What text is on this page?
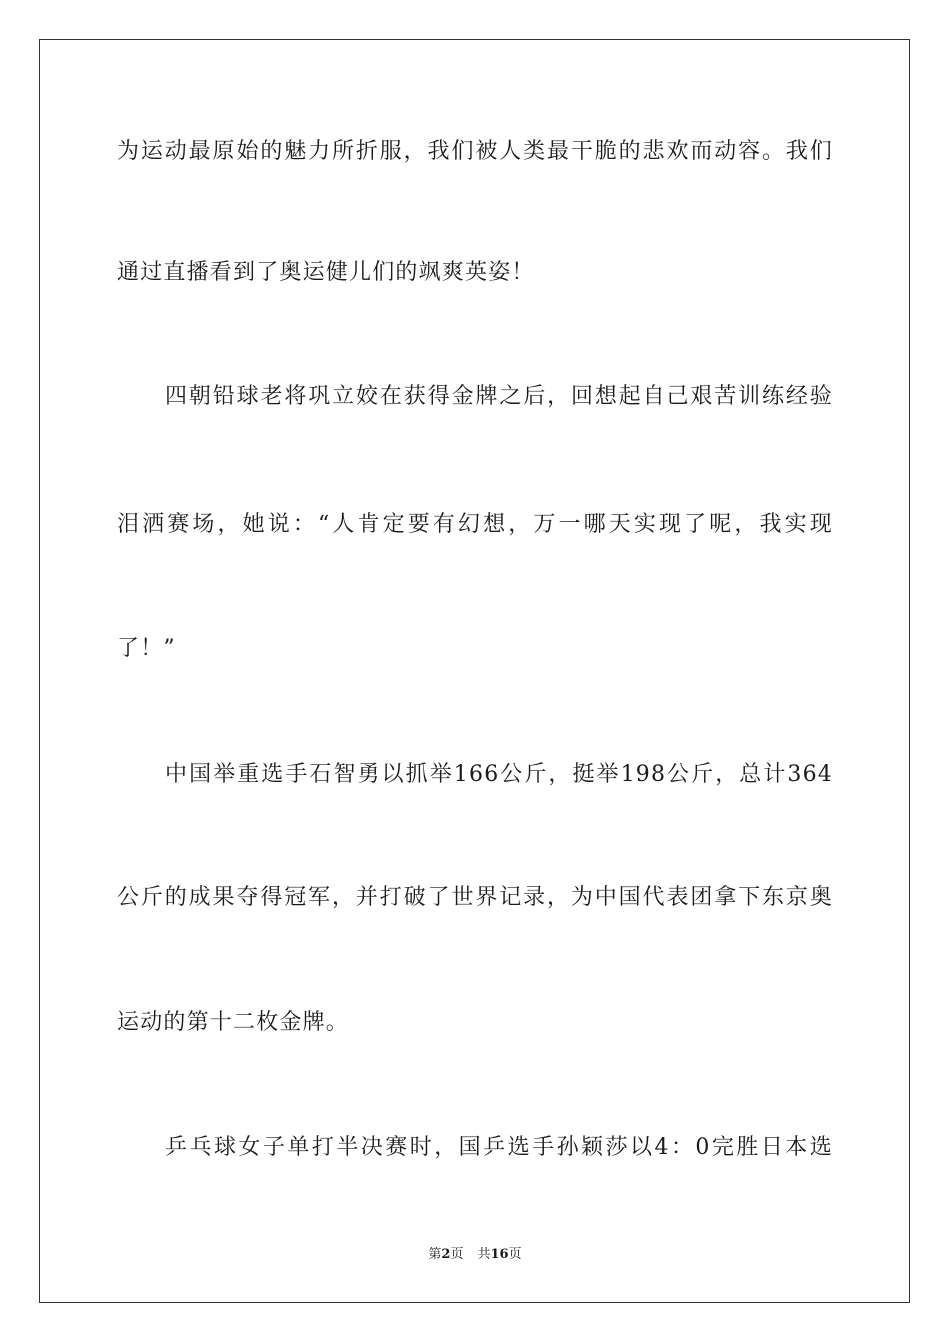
为运动最原始的魅力所折服，我们被人类最干脆的悲欢而动容。我们
通过直播看到了奥运健儿们的飒爽英姿！
四朝铅球老将巩立姣在获得金牌之后，回想起自己艰苦训练经验
泪洒赛场，她说：“人肯定要有幻想，万一哪天实现了呢，我实现
了！”
中国举重选手石智勇以抓举166公斤，挺举198公斤，总计364
公斤的成果夺得冠军，并打破了世界记录，为中国代表团拿下东京奥
运动的第十二枚金牌。
乒乓球女子单打半决赛时，国乒选手孙颖莎以4：0完胜日本选
第2页 共16页
